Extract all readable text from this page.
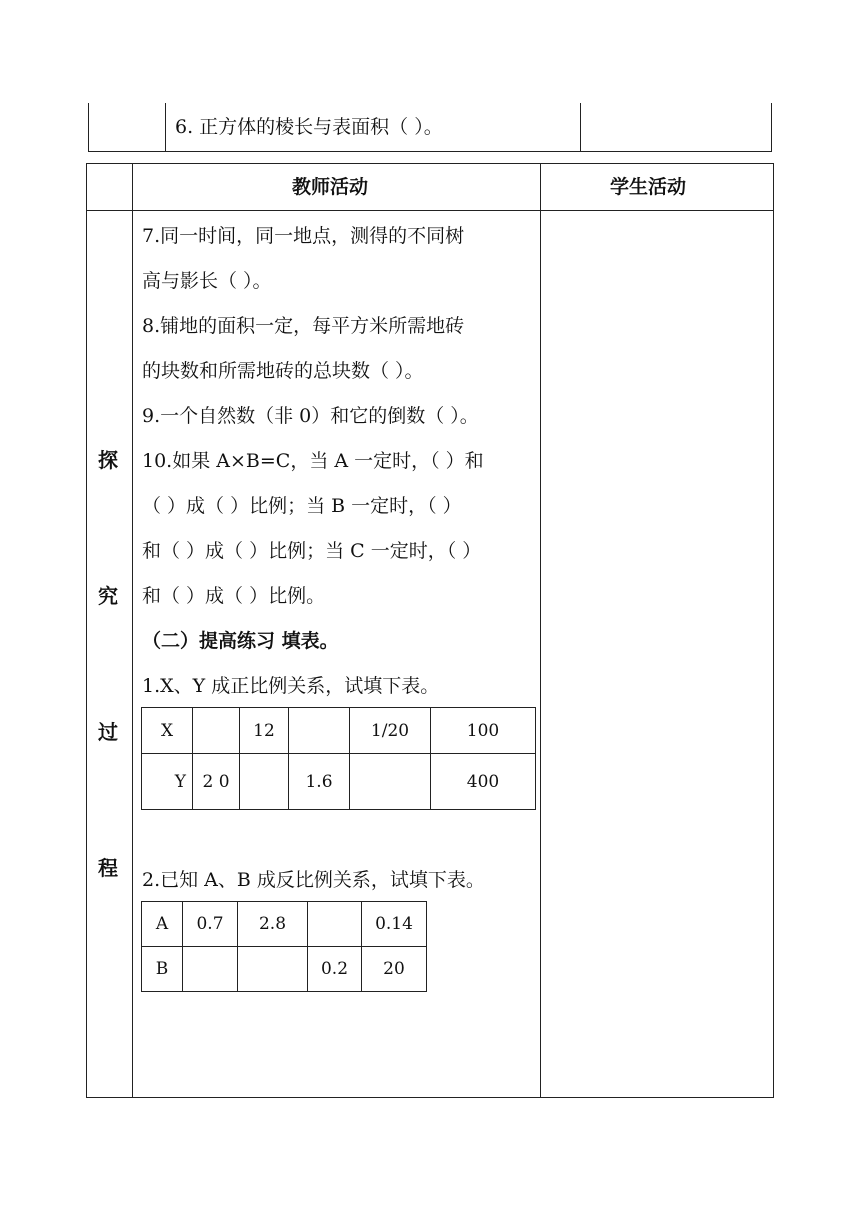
6. 正方体的棱长与表面积（ ）。
教师活动	学生活动
探
究
过
程
7.同一时间，同一地点，测得的不同树
高与影长（ ）。
8.铺地的面积一定，每平方米所需地砖
的块数和所需地砖的总块数（ ）。
9.一个自然数（非 0）和它的倒数（ ）。
10.如果 A×B=C，当 A 一定时，（ ）和
（ ）成（ ）比例；当 B 一定时，（ ）
和（ ）成（ ）比例；当 C 一定时，（ ）
和（ ）成（ ）比例。
（二）提高练习 填表。
1.X、Y 成正比例关系，试填下表。
X		12		1/20	100
Y	2 0		1.6		400
2.已知 A、B 成反比例关系，试填下表。
A	0.7	2.8		0.14
B			0.2	20
